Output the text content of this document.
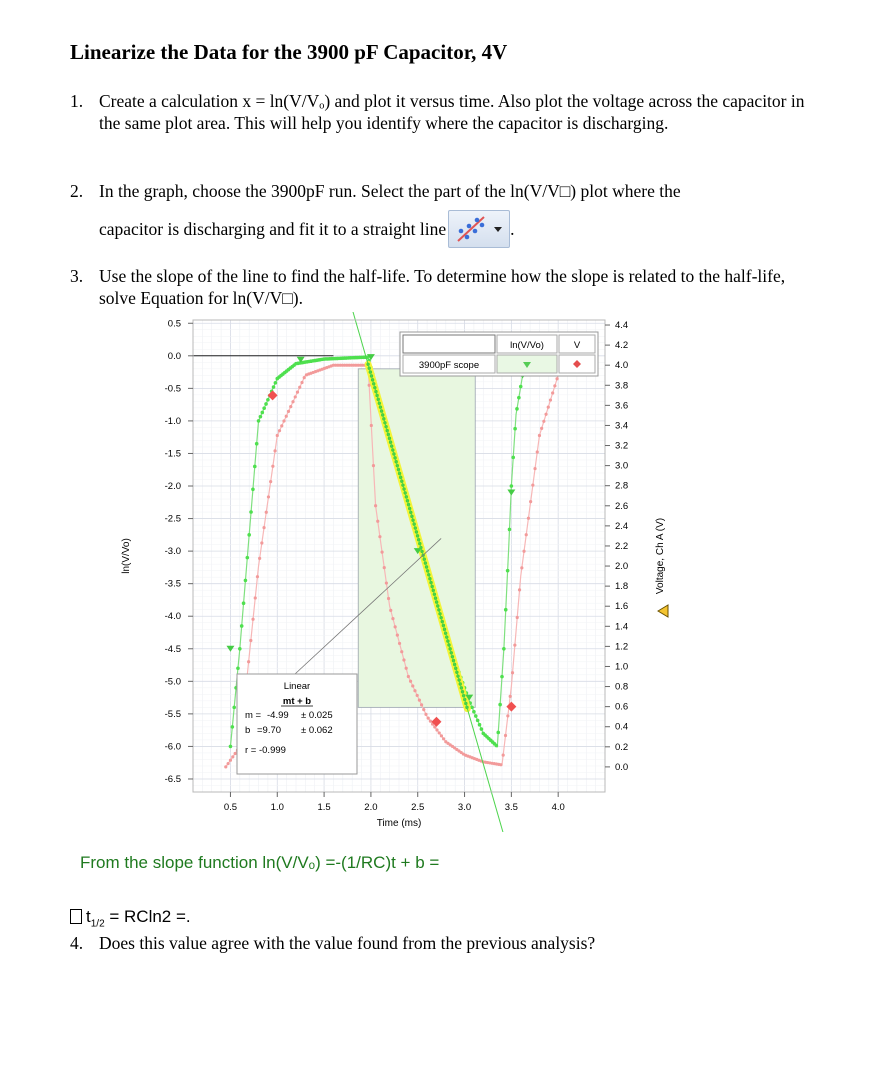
Linearize the Data for the 3900 pF Capacitor, 4V
1. Create a calculation x = ln(V/Vₒ) and plot it versus time. Also plot the voltage across the capacitor in the same plot area. This will help you identify where the capacitor is discharging.
2. In the graph, choose the 3900pF run. Select the part of the ln(V/V□) plot where the
capacitor is discharging and fit it to a straight line	.
3. Use the slope of the line to find the half-life. To determine how the slope is related to the half-life, solve Equation for ln(V/V□).
0.5	1.0	1.5	2.0	2.5	3.0	3.5	4.0
0.5
0.0
-0.5
-1.0
-1.5
-2.0
-2.5
-3.0
-3.5
-4.0
-4.5
-5.0
-5.5
-6.0
-6.5
4.4
4.2
4.0
3.8
3.6
3.4
3.2
3.0
2.8
2.6
2.4
2.2
2.0
1.8
1.6
1.4
1.2
1.0
0.8
0.6
0.4
0.2
0.0
Time (ms)
ln(V/Vo)	Voltage, Ch A (V)
ln(V/Vo)	V
3900pF scope
Linear
mt + b
m = -4.99 ± 0.025
b =9.70 ± 0.062
r = -0.999
From the slope function ln(V/Vₒ) =-(1/RC)t + b =
$t_{1/2} = RCln2$ =.
4. Does this value agree with the value found from the previous analysis?
